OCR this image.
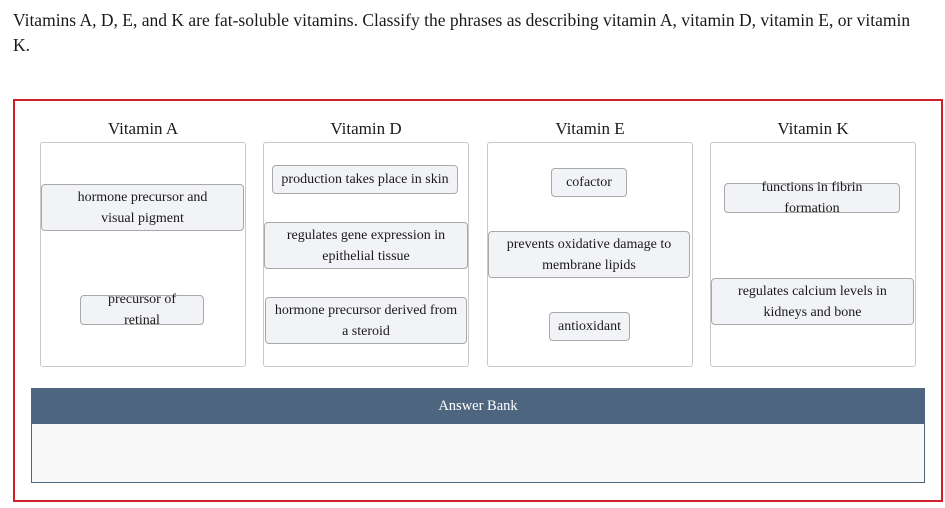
Vitamins A, D, E, and K are fat-soluble vitamins. Classify the phrases as describing vitamin A, vitamin D, vitamin E, or vitamin K.
Vitamin A	Vitamin D	Vitamin E	Vitamin K
hormone precursor and visual pigment
precursor of retinal
production takes place in skin
regulates gene expression in epithelial tissue
hormone precursor derived from a steroid
cofactor
prevents oxidative damage to membrane lipids
antioxidant
functions in fibrin formation
regulates calcium levels in kidneys and bone
Answer Bank
